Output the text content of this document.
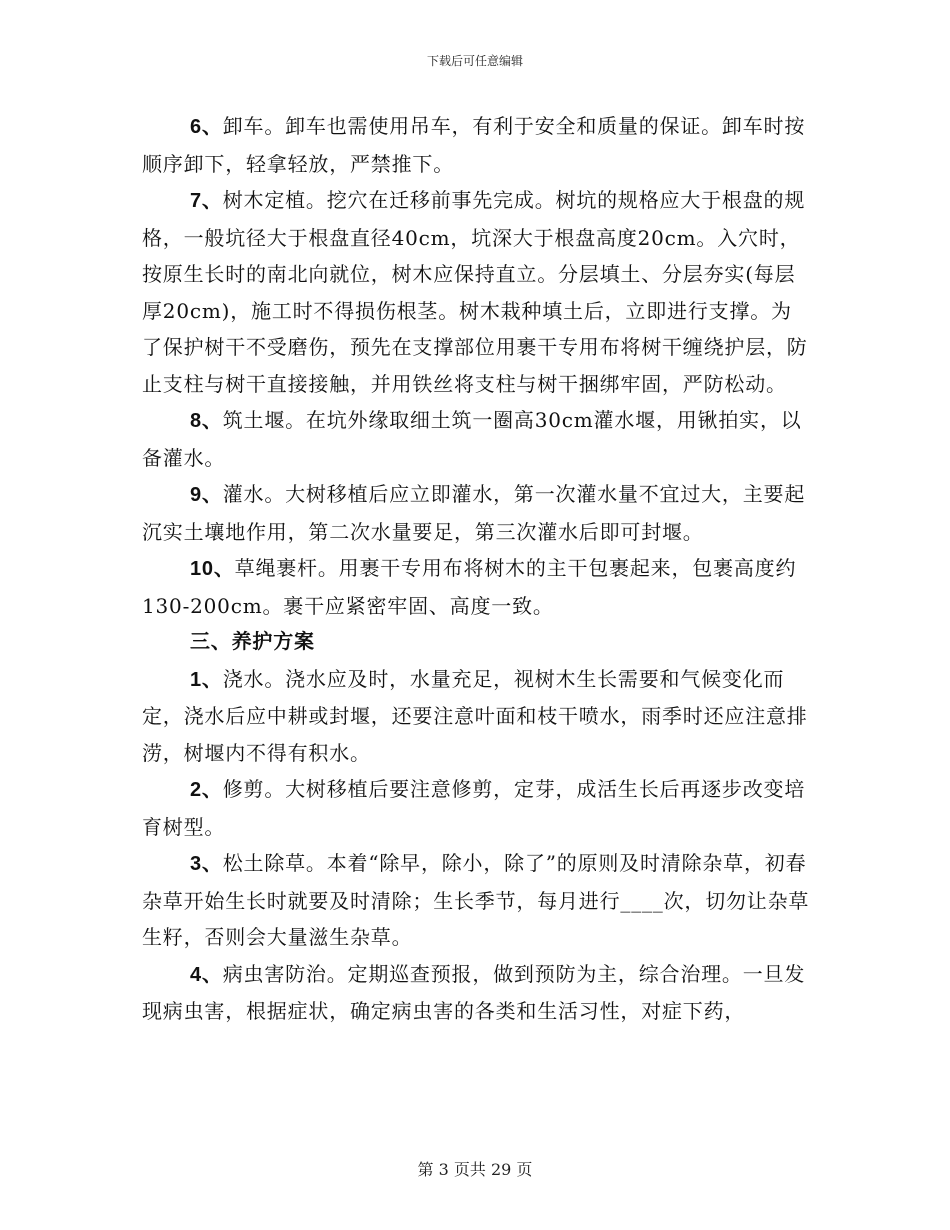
下载后可任意编辑

6、卸车。卸车也需使用吊车，有利于安全和质量的保证。卸车时按顺序卸下，轻拿轻放，严禁推下。

7、树木定植。挖穴在迁移前事先完成。树坑的规格应大于根盘的规格，一般坑径大于根盘直径40cm，坑深大于根盘高度20cm。入穴时，按原生长时的南北向就位，树木应保持直立。分层填土、分层夯实(每层厚20cm)，施工时不得损伤根茎。树木栽种填土后，立即进行支撑。为了保护树干不受磨伤，预先在支撑部位用裹干专用布将树干缠绕护层，防止支柱与树干直接接触，并用铁丝将支柱与树干捆绑牢固，严防松动。

8、筑土堰。在坑外缘取细土筑一圈高30cm灌水堰，用锹拍实，以备灌水。

9、灌水。大树移植后应立即灌水，第一次灌水量不宜过大，主要起沉实土壤地作用，第二次水量要足，第三次灌水后即可封堰。

10、草绳裹杆。用裹干专用布将树木的主干包裹起来，包裹高度约130-200cm。裹干应紧密牢固、高度一致。

三、养护方案

1、浇水。浇水应及时，水量充足，视树木生长需要和气候变化而定，浇水后应中耕或封堰，还要注意叶面和枝干喷水，雨季时还应注意排涝，树堰内不得有积水。

2、修剪。大树移植后要注意修剪，定芽，成活生长后再逐步改变培育树型。

3、松土除草。本着“除早，除小，除了”的原则及时清除杂草，初春杂草开始生长时就要及时清除；生长季节，每月进行____次，切勿让杂草生籽，否则会大量滋生杂草。

4、病虫害防治。定期巡查预报，做到预防为主，综合治理。一旦发现病虫害，根据症状，确定病虫害的各类和生活习性，对症下药，

第 3 页共 29 页
